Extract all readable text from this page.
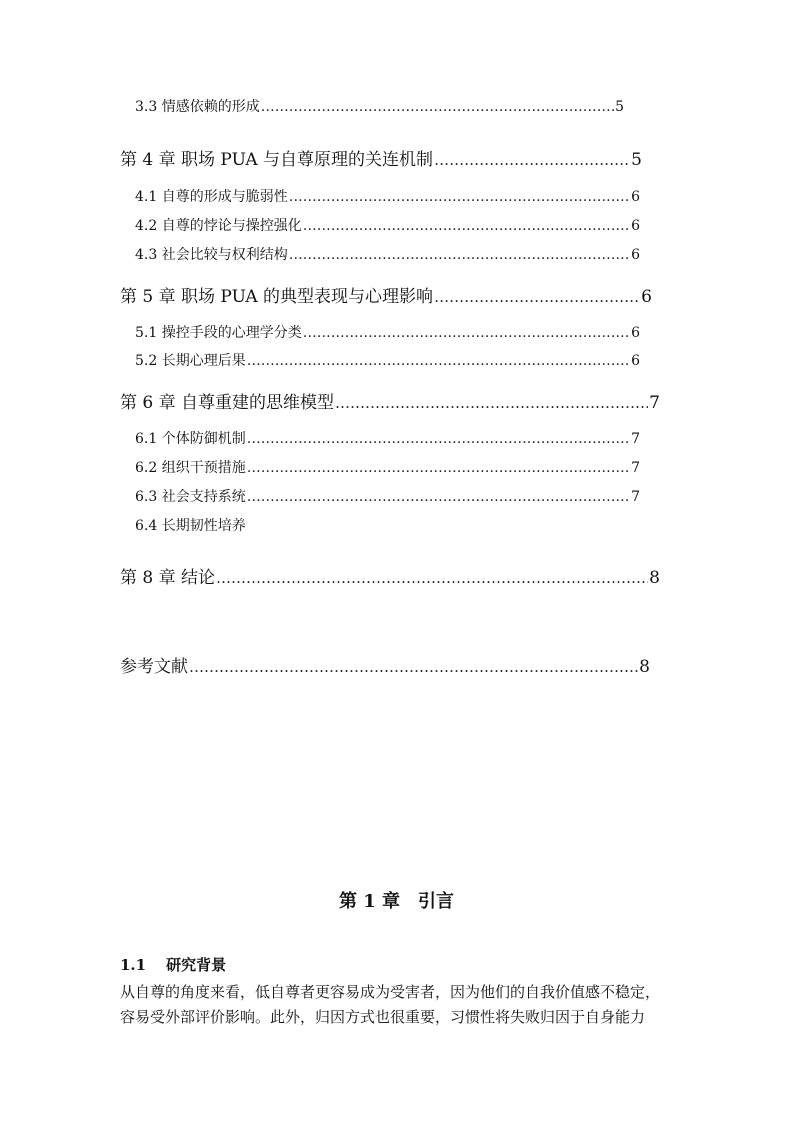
3.3 情感依赖的形成 ……………………………………………………………………………………………………………………………………………………………………………	5
第 4 章 职场 PUA 与自尊原理的关连机制 ……………………………………………………………………………………………………………………………………………………………………………	5
4.1 自尊的形成与脆弱性 ……………………………………………………………………………………………………………………………………………………………………………	6
4.2 自尊的悖论与操控强化 ……………………………………………………………………………………………………………………………………………………………………………	6
4.3 社会比较与权利结构 ……………………………………………………………………………………………………………………………………………………………………………	6
第 5 章 职场 PUA 的典型表现与心理影响 ……………………………………………………………………………………………………………………………………………………………………………	6
5.1 操控手段的心理学分类 ……………………………………………………………………………………………………………………………………………………………………………	6
5.2 长期心理后果 ……………………………………………………………………………………………………………………………………………………………………………	6
第 6 章 自尊重建的思维模型 ……………………………………………………………………………………………………………………………………………………………………………	7
6.1 个体防御机制 ……………………………………………………………………………………………………………………………………………………………………………	7
6.2 组织干预措施 ……………………………………………………………………………………………………………………………………………………………………………	7
6.3 社会支持系统 ……………………………………………………………………………………………………………………………………………………………………………	7
6.4 长期韧性培养
第 8 章 结论 ……………………………………………………………………………………………………………………………………………………………………………	8
参考文献 ……………………………………………………………………………………………………………………………………………………………………………	8
第 1 章　引言
1.1 研究背景
从自尊的角度来看，低自尊者更容易成为受害者，因为他们的自我价值感不稳定，
容易受外部评价影响。此外，归因方式也很重要，习惯性将失败归因于自身能力
